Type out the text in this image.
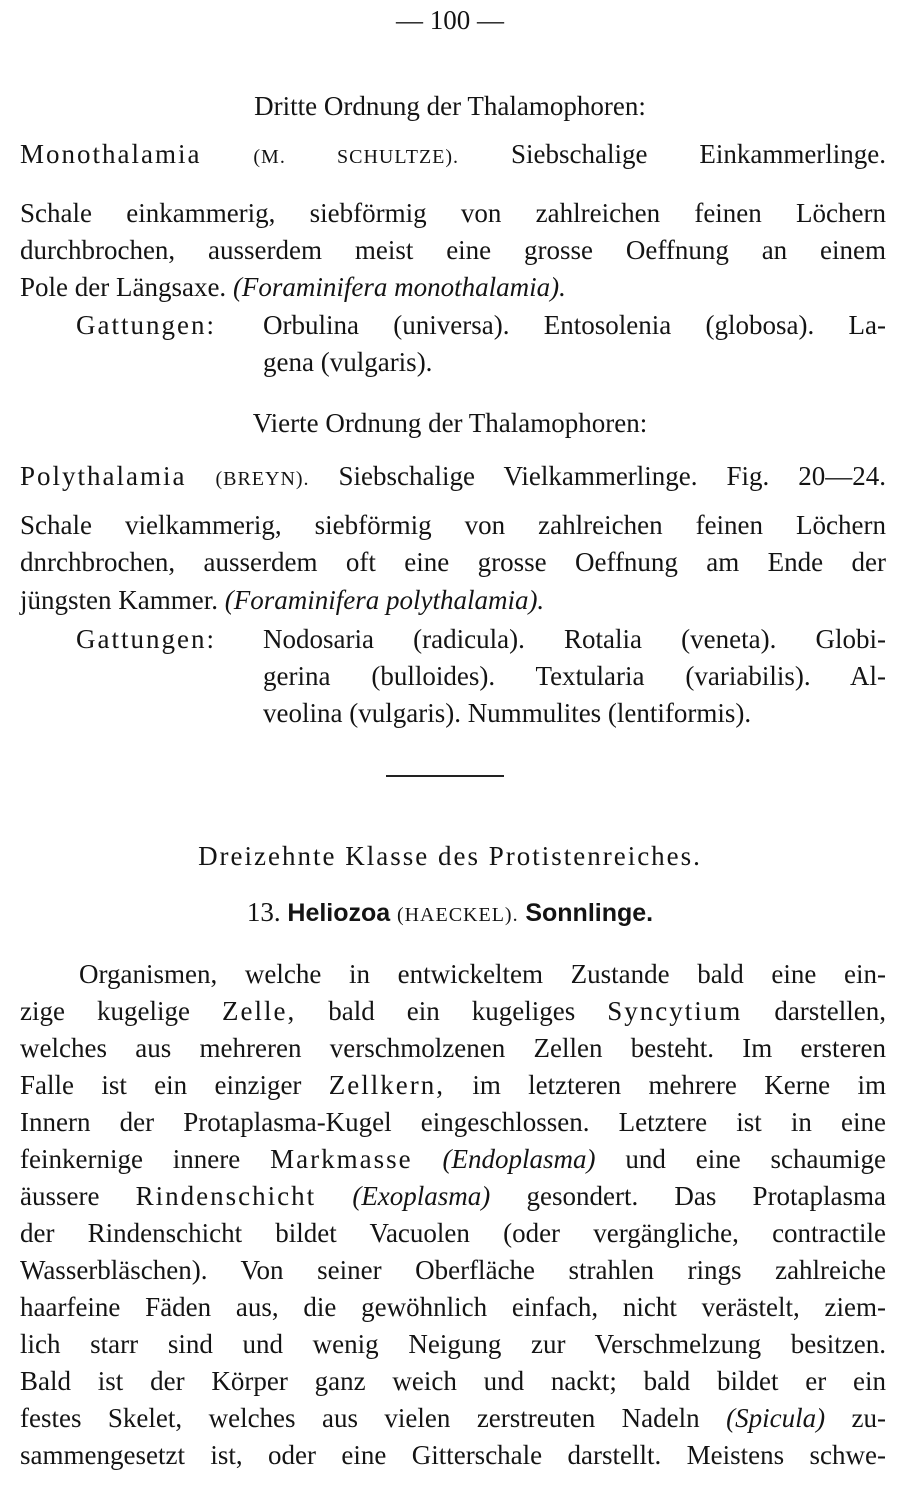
— 100 —
Dritte Ordnung der Thalamophoren:
Monothalamia	(M. SCHULTZE). Siebschalige Einkammerlinge.
Schale einkammerig, siebförmig von zahlreichen feinen Löchern
durchbrochen, ausserdem meist eine grosse Oeffnung an einem
Pole der Längsaxe. (Foraminifera monothalamia).
Gattungen:	Orbulina (universa). Entosolenia (globosa). La-
gena (vulgaris).
Vierte Ordnung der Thalamophoren:
Polythalamia (BREYN). Siebschalige Vielkammerlinge. Fig. 20—24.
Schale vielkammerig, siebförmig von zahlreichen feinen Löchern
dnrchbrochen, ausserdem oft eine grosse Oeffnung am Ende der
jüngsten Kammer. (Foraminifera polythalamia).
Gattungen:	Nodosaria (radicula). Rotalia (veneta). Globi-
gerina (bulloides). Textularia (variabilis). Al-
veolina (vulgaris). Nummulites (lentiformis).
Dreizehnte Klasse des Protistenreiches.
13. Heliozoa (HAECKEL). Sonnlinge.
Organismen, welche in entwickeltem Zustande bald eine ein-
zige kugelige Zelle, bald ein kugeliges Syncytium darstellen,
welches aus mehreren verschmolzenen Zellen besteht. Im ersteren
Falle ist ein einziger Zellkern, im letzteren mehrere Kerne im
Innern der Protaplasma-Kugel eingeschlossen. Letztere ist in eine
feinkernige innere Markmasse (Endoplasma) und eine schaumige
äussere Rindenschicht (Exoplasma) gesondert. Das Protaplasma
der Rindenschicht bildet Vacuolen (oder vergängliche, contractile
Wasserbläschen). Von seiner Oberfläche strahlen rings zahlreiche
haarfeine Fäden aus, die gewöhnlich einfach, nicht verästelt, ziem-
lich starr sind und wenig Neigung zur Verschmelzung besitzen.
Bald ist der Körper ganz weich und nackt; bald bildet er ein
festes Skelet, welches aus vielen zerstreuten Nadeln (Spicula) zu-
sammengesetzt ist, oder eine Gitterschale darstellt. Meistens schwe-
